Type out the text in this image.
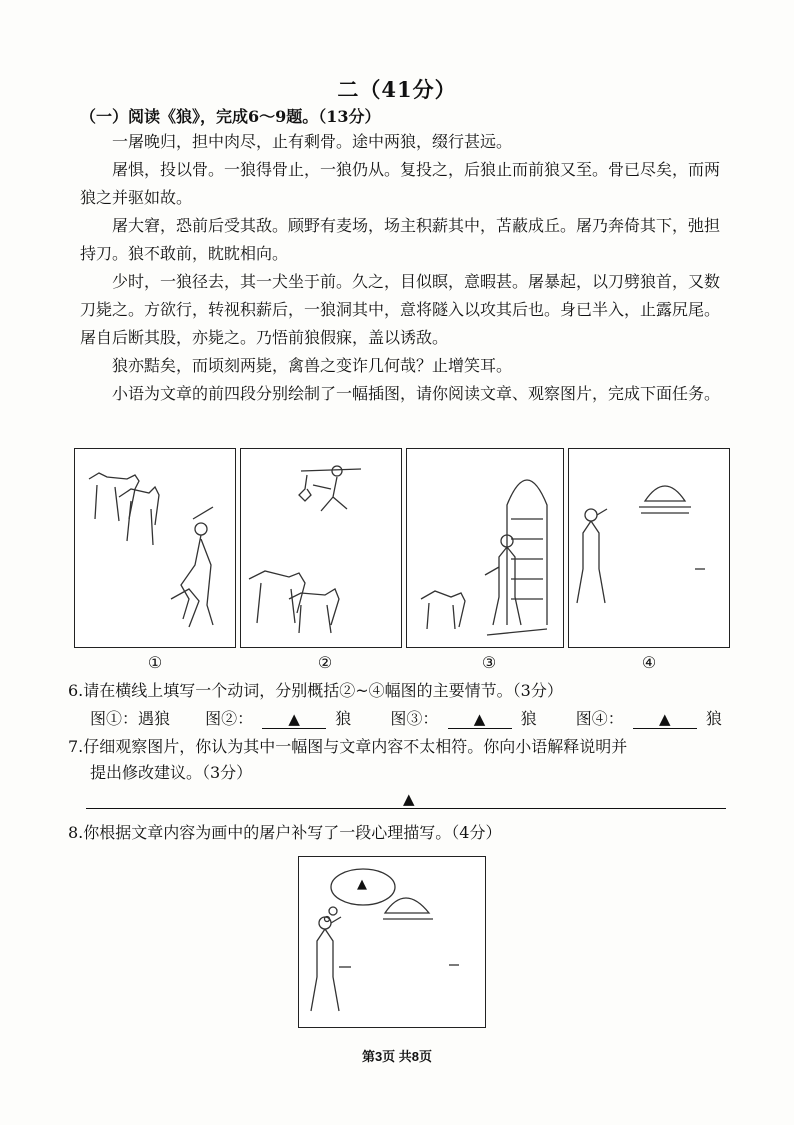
二（41分）
（一）阅读《狼》，完成6～9题。（13分）

一屠晚归，担中肉尽，止有剩骨。途中两狼，缀行甚远。

屠惧，投以骨。一狼得骨止，一狼仍从。复投之，后狼止而前狼又至。骨已尽矣，而两狼之并驱如故。

屠大窘，恐前后受其敌。顾野有麦场，场主积薪其中，苫蔽成丘。屠乃奔倚其下，弛担持刀。狼不敢前，眈眈相向。

少时，一狼径去，其一犬坐于前。久之，目似瞑，意暇甚。屠暴起，以刀劈狼首，又数刀毙之。方欲行，转视积薪后，一狼洞其中，意将隧入以攻其后也。身已半入，止露尻尾。屠自后断其股，亦毙之。乃悟前狼假寐，盖以诱敌。

狼亦黠矣，而顷刻两毙，禽兽之变诈几何哉？止增笑耳。

小语为文章的前四段分别绘制了一幅插图，请你阅读文章、观察图片，完成下面任务。

①	②	③	④
6.请在横线上填写一个动词，分别概括②~④幅图的主要情节。（3分）
图①：遇狼 图②： ▲ 狼 图③： ▲ 狼 图④： ▲ 狼
7.仔细观察图片，你认为其中一幅图与文章内容不太相符。你向小语解释说明并
提出修改建议。（3分）
▲
8.你根据文章内容为画中的屠户补写了一段心理描写。（4分）
▲
第3页 共8页
